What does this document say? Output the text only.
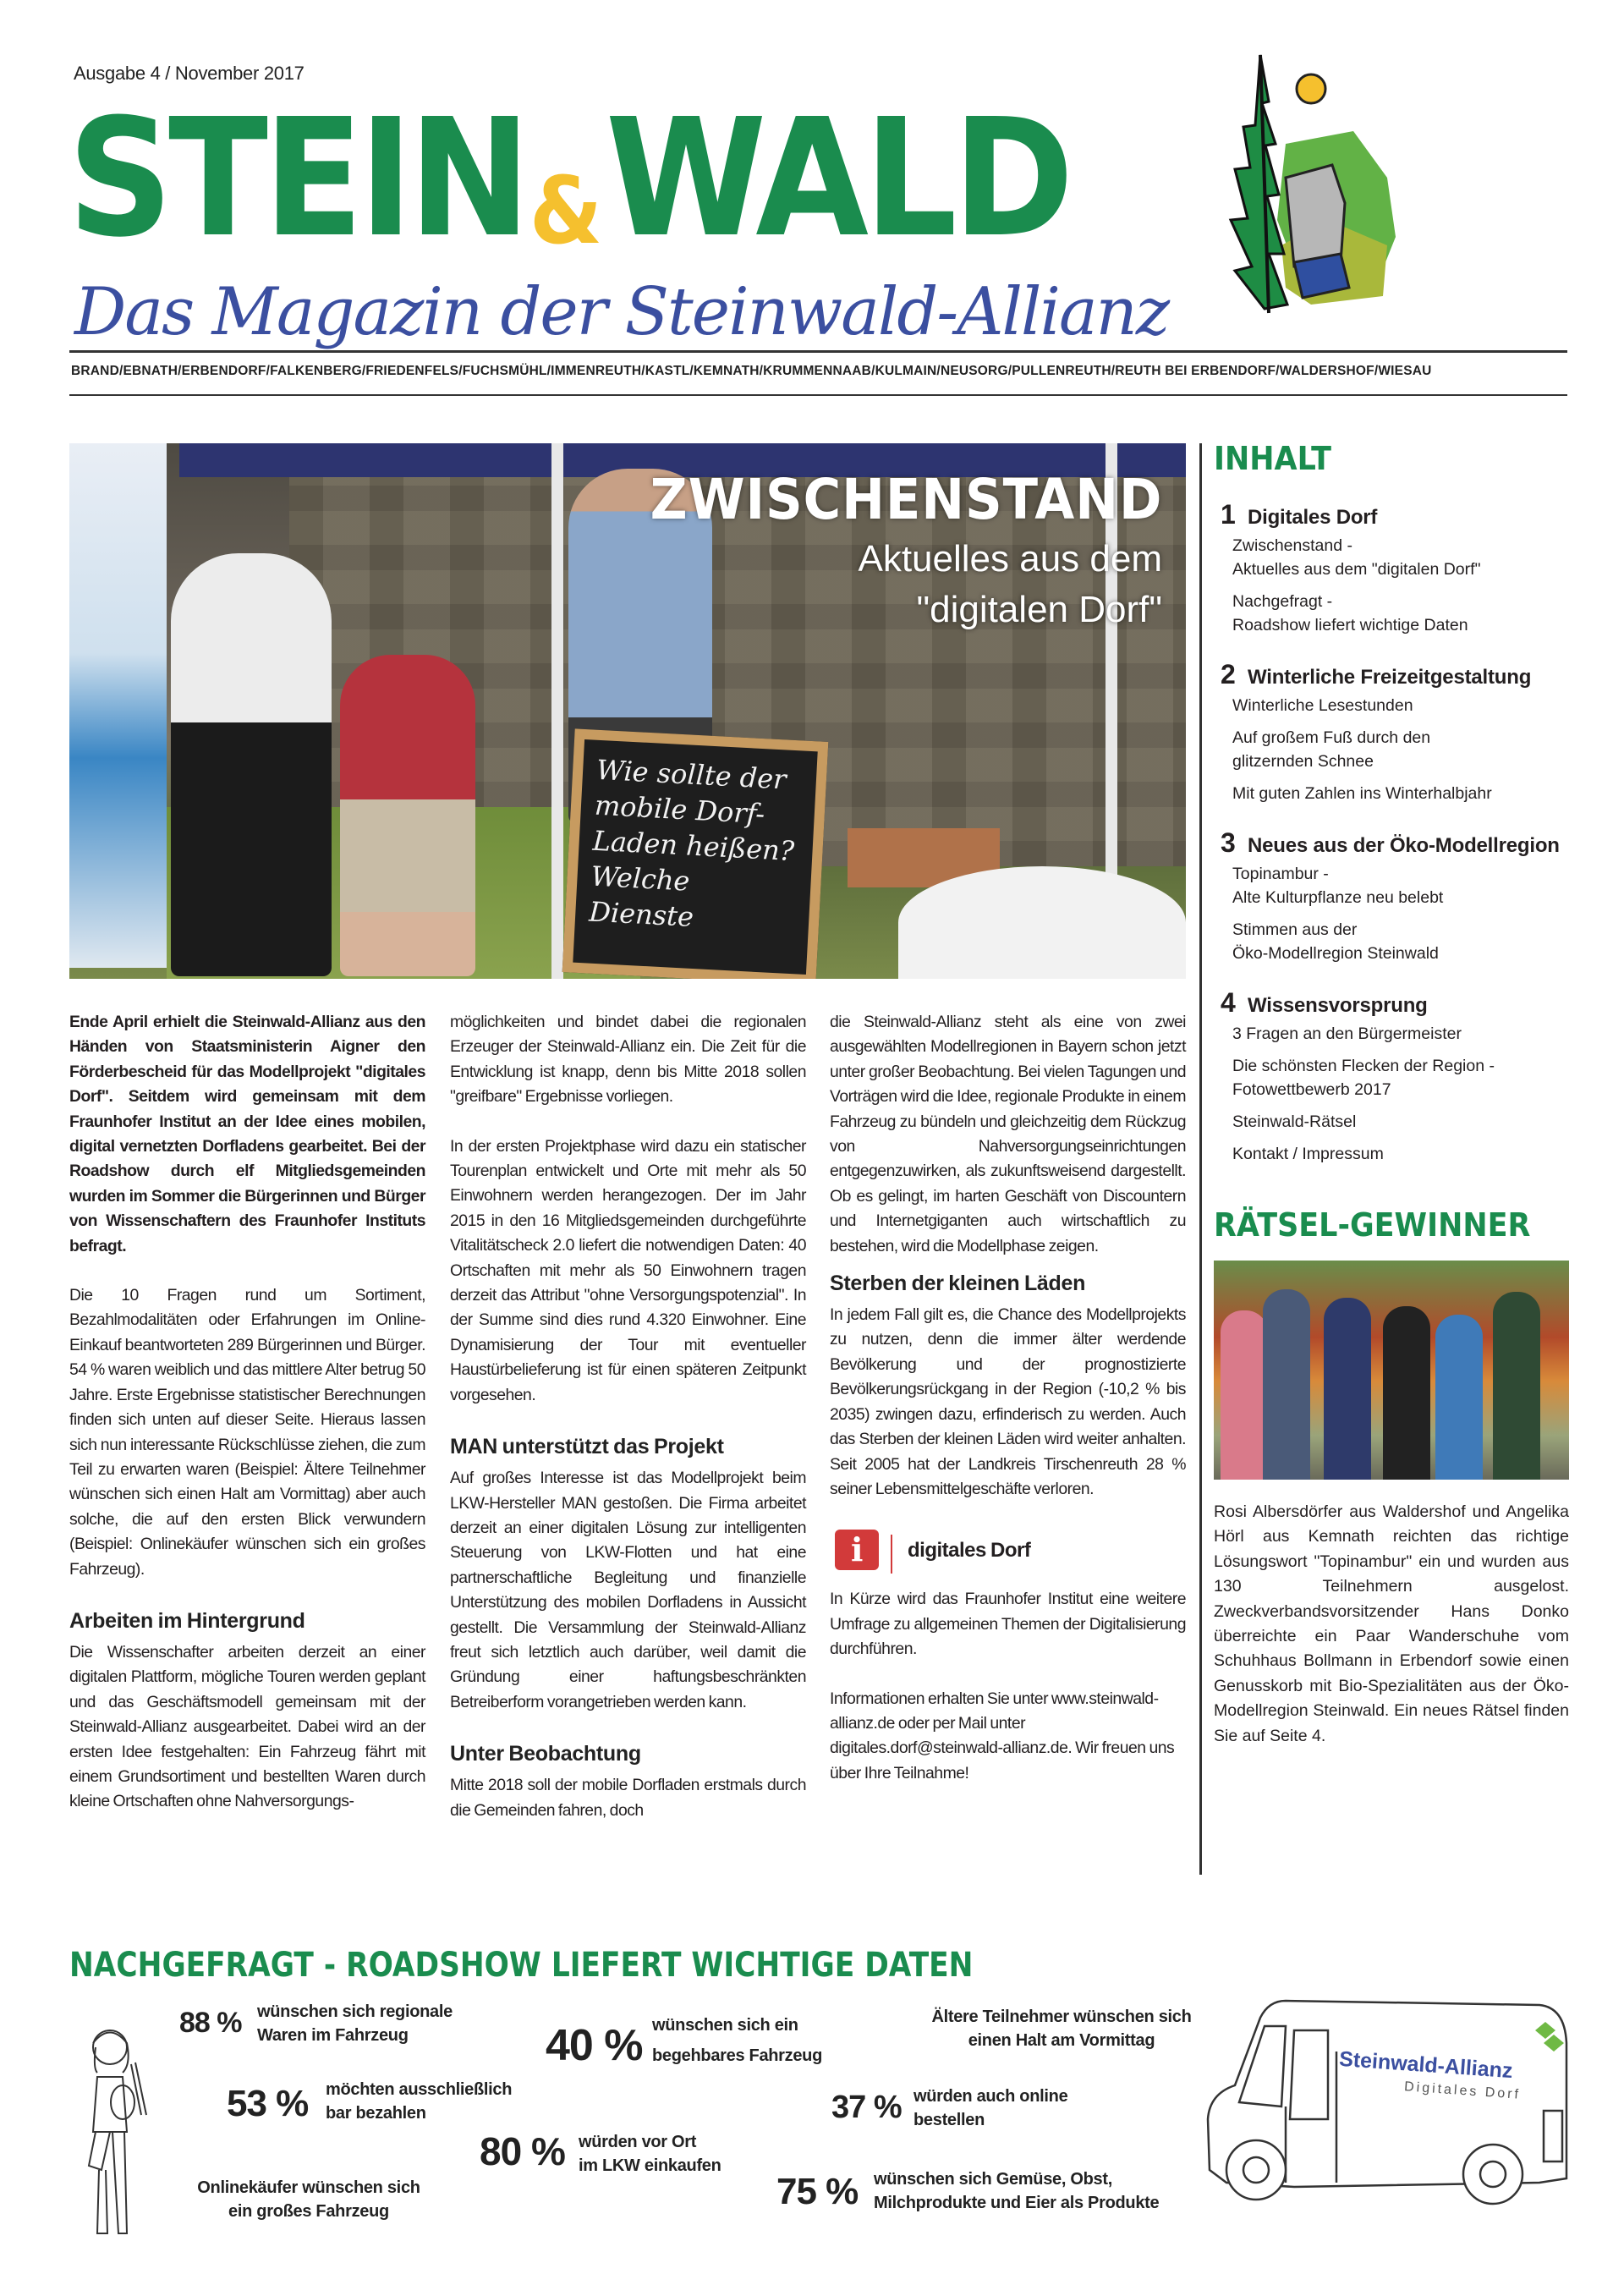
Ausgabe 4 / November 2017
STEIN&WALD
Das Magazin der Steinwald-Allianz
BRAND/EBNATH/ERBENDORF/FALKENBERG/FRIEDENFELS/FUCHSMÜHL/IMMENREUTH/KASTL/KEMNATH/KRUMMENNAAB/KULMAIN/NEUSORG/PULLENREUTH/REUTH BEI ERBENDORF/WALDERSHOF/WIESAU
Wie sollte der mobile Dorf-Laden heißen? Welche Dienste
ZWISCHENSTAND
Aktuelles aus dem
"digitalen Dorf"

Ende April erhielt die Steinwald-Allianz aus den Händen von Staatsministerin Aigner den Förderbescheid für das Modellprojekt "digitales Dorf". Seitdem wird gemeinsam mit dem Fraunhofer Institut an der Idee eines mobilen, digital vernetzten Dorfladens gearbeitet. Bei der Roadshow durch elf Mitgliedsgemeinden wurden im Sommer die Bürgerinnen und Bürger von Wissenschaftern des Fraunhofer Instituts befragt.

Die 10 Fragen rund um Sortiment, Bezahlmodalitäten oder Erfahrungen im Online-Einkauf beantworteten 289 Bürgerinnen und Bürger. 54 % waren weiblich und das mittlere Alter betrug 50 Jahre. Erste Ergebnisse statistischer Berechnungen finden sich unten auf dieser Seite. Hieraus lassen sich nun interessante Rückschlüsse ziehen, die zum Teil zu erwarten waren (Beispiel: Ältere Teilnehmer wünschen sich einen Halt am Vormittag) aber auch solche, die auf den ersten Blick verwundern (Beispiel: Onlinekäufer wünschen sich ein großes Fahrzeug).

Arbeiten im Hintergrund

Die Wissenschafter arbeiten derzeit an einer digitalen Plattform, mögliche Touren werden geplant und das Geschäftsmodell gemeinsam mit der Steinwald-Allianz ausgearbeitet. Dabei wird an der ersten Idee festgehalten: Ein Fahrzeug fährt mit einem Grundsortiment und bestellten Waren durch kleine Ortschaften ohne Nahversorgungs-

möglichkeiten und bindet dabei die regionalen Erzeuger der Steinwald-Allianz ein. Die Zeit für die Entwicklung ist knapp, denn bis Mitte 2018 sollen "greifbare" Ergebnisse vorliegen.

In der ersten Projektphase wird dazu ein statischer Tourenplan entwickelt und Orte mit mehr als 50 Einwohnern werden herangezogen. Der im Jahr 2015 in den 16 Mitgliedsgemeinden durchgeführte Vitalitätscheck 2.0 liefert die notwendigen Daten: 40 Ortschaften mit mehr als 50 Einwohnern tragen derzeit das Attribut "ohne Versorgungspotenzial". In der Summe sind dies rund 4.320 Einwohner. Eine Dynamisierung der Tour mit eventueller Haustürbelieferung ist für einen späteren Zeitpunkt vorgesehen.

MAN unterstützt das Projekt

Auf großes Interesse ist das Modellprojekt beim LKW-Hersteller MAN gestoßen. Die Firma arbeitet derzeit an einer digitalen Lösung zur intelligenten Steuerung von LKW-Flotten und hat eine partnerschaftliche Begleitung und finanzielle Unterstützung des mobilen Dorfladens in Aussicht gestellt. Die Versammlung der Steinwald-Allianz freut sich letztlich auch darüber, weil damit die Gründung einer haftungsbeschränkten Betreiberform vorangetrieben werden kann.

Unter Beobachtung

Mitte 2018 soll der mobile Dorfladen erstmals durch die Gemeinden fahren, doch

die Steinwald-Allianz steht als eine von zwei ausgewählten Modellregionen in Bayern schon jetzt unter großer Beobachtung. Bei vielen Tagungen und Vorträgen wird die Idee, regionale Produkte in einem Fahrzeug zu bündeln und gleichzeitig dem Rückzug von Nahversorgungseinrichtungen entgegenzuwirken, als zukunftsweisend dargestellt. Ob es gelingt, im harten Geschäft von Discountern und Internetgiganten auch wirtschaftlich zu bestehen, wird die Modellphase zeigen.

Sterben der kleinen Läden

In jedem Fall gilt es, die Chance des Modellprojekts zu nutzen, denn die immer älter werdende Bevölkerung und der prognostizierte Bevölkerungsrückgang in der Region (-10,2 % bis 2035) zwingen dazu, erfinderisch zu werden. Auch das Sterben der kleinen Läden wird weiter anhalten. Seit 2005 hat der Landkreis Tirschenreuth 28 % seiner Lebensmittelgeschäfte verloren.

i	digitales Dorf

In Kürze wird das Fraunhofer Institut eine weitere Umfrage zu allgemeinen Themen der Digitalisierung durchführen.

Informationen erhalten Sie unter www.steinwald-allianz.de oder per Mail unter digitales.dorf@steinwald-allianz.de. Wir freuen uns über Ihre Teilnahme!

INHALT
1 Digitales Dorf
Zwischenstand -
Aktuelles aus dem "digitalen Dorf"
Nachgefragt -
Roadshow liefert wichtige Daten
2 Winterliche Freizeitgestaltung
Winterliche Lesestunden
Auf großem Fuß durch den
glitzernden Schnee
Mit guten Zahlen ins Winterhalbjahr
3 Neues aus der Öko-Modellregion
Topinambur -
Alte Kulturpflanze neu belebt
Stimmen aus der
Öko-Modellregion Steinwald
4 Wissensvorsprung
3 Fragen an den Bürgermeister
Die schönsten Flecken der Region -
Fotowettbewerb 2017
Steinwald-Rätsel
Kontakt / Impressum
RÄTSEL-GEWINNER
Rosi Albersdörfer aus Waldershof und Angelika Hörl aus Kemnath reichten das richtige Lösungswort "Topinambur" ein und wurden aus 130 Teilnehmern ausgelost. Zweckverbandsvorsitzender Hans Donko überreichte ein Paar Wanderschuhe vom Schuhhaus Bollmann in Erbendorf sowie einen Genusskorb mit Bio-Spezialitäten aus der Öko-Modellregion Steinwald. Ein neues Rätsel finden Sie auf Seite 4.
NACHGEFRAGT - ROADSHOW LIEFERT WICHTIGE DATEN
88 % wünschen sich regionale
Waren im Fahrzeug
53 % möchten ausschließlich
bar bezahlen
Onlinekäufer wünschen sich
ein großes Fahrzeug
40 % wünschen sich ein
begehbares Fahrzeug
80 % würden vor Ort
im LKW einkaufen
Ältere Teilnehmer wünschen sich
einen Halt am Vormittag
37 % würden auch online
bestellen
75 % wünschen sich Gemüse, Obst,
Milchprodukte und Eier als Produkte
Steinwald-Allianz
Digitales Dorf
